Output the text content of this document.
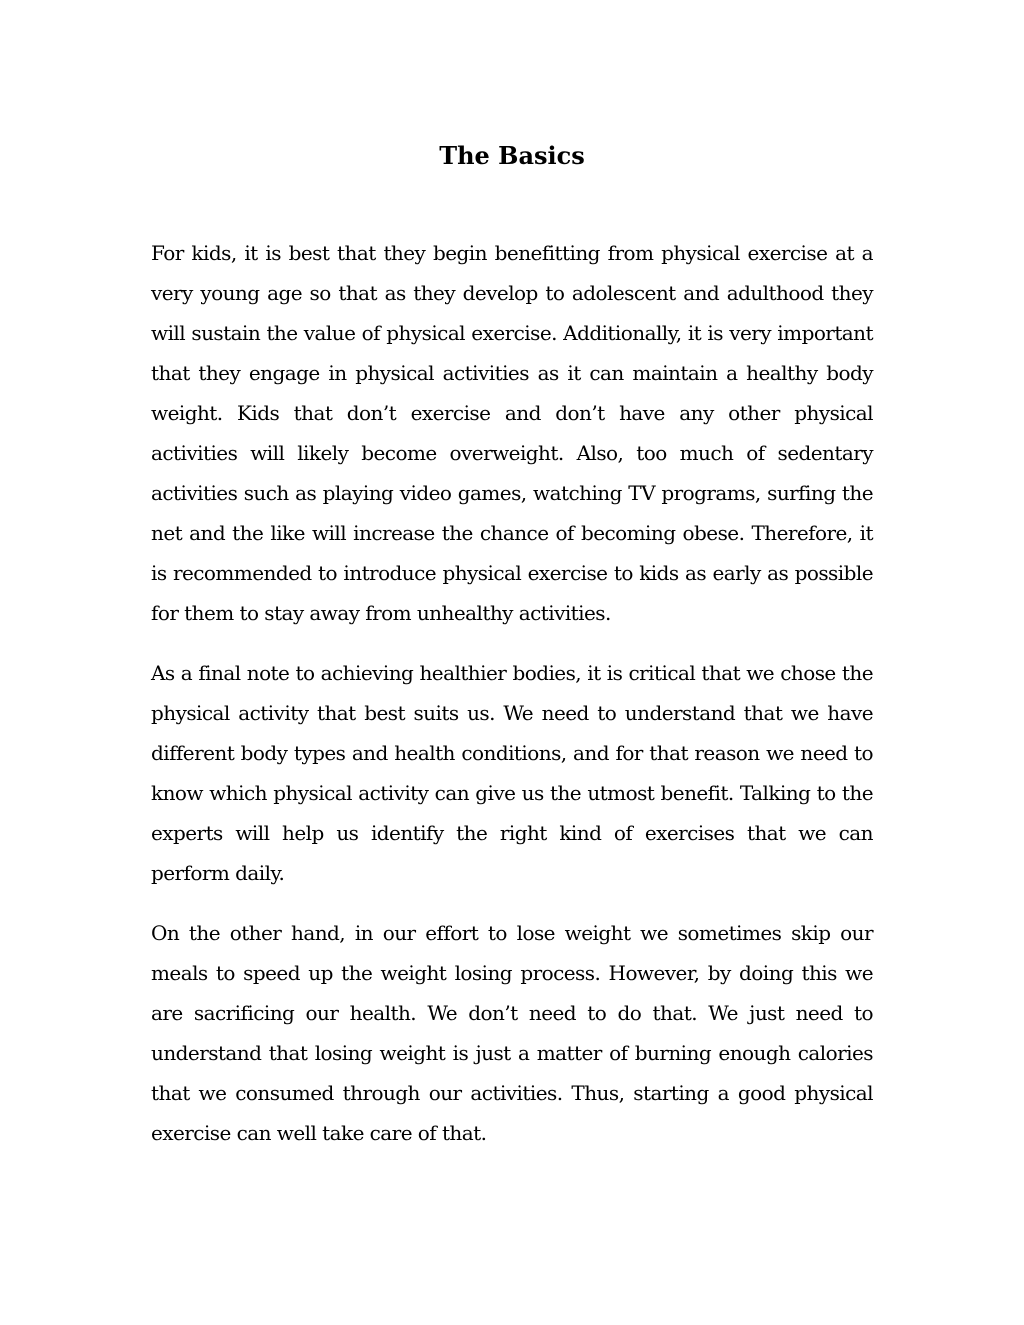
The Basics

For kids, it is best that they begin benefitting from physical exercise at a very young age so that as they develop to adolescent and adulthood they will sustain the value of physical exercise. Additionally, it is very important that they engage in physical activities as it can maintain a healthy body weight. Kids that don’t exercise and don’t have any other physical activities will likely become overweight. Also, too much of sedentary activities such as playing video games, watching TV programs, surfing the net and the like will increase the chance of becoming obese. Therefore, it is recommended to introduce physical exercise to kids as early as possible for them to stay away from unhealthy activities.

As a final note to achieving healthier bodies, it is critical that we chose the physical activity that best suits us. We need to understand that we have different body types and health conditions, and for that reason we need to know which physical activity can give us the utmost benefit. Talking to the experts will help us identify the right kind of exercises that we can perform daily.

On the other hand, in our effort to lose weight we sometimes skip our meals to speed up the weight losing process. However, by doing this we are sacrificing our health. We don’t need to do that. We just need to understand that losing weight is just a matter of burning enough calories that we consumed through our activities. Thus, starting a good physical exercise can well take care of that.
